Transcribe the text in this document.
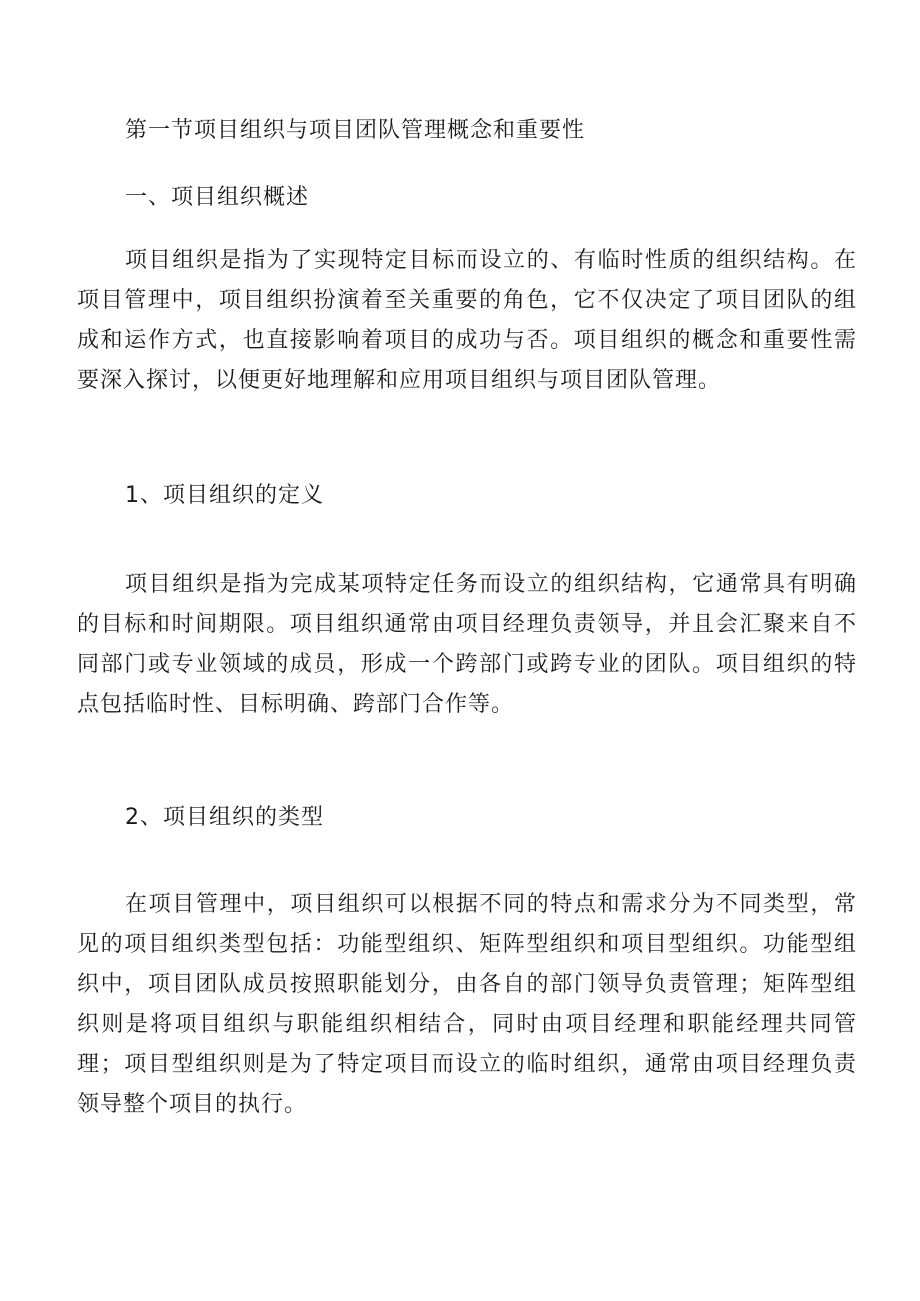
第一节项目组织与项目团队管理概念和重要性
一、项目组织概述
项目组织是指为了实现特定目标而设立的、有临时性质的组织结构。在项目管理中，项目组织扮演着至关重要的角色，它不仅决定了项目团队的组成和运作方式，也直接影响着项目的成功与否。项目组织的概念和重要性需要深入探讨，以便更好地理解和应用项目组织与项目团队管理。
1、项目组织的定义
项目组织是指为完成某项特定任务而设立的组织结构，它通常具有明确的目标和时间期限。项目组织通常由项目经理负责领导，并且会汇聚来自不同部门或专业领域的成员，形成一个跨部门或跨专业的团队。项目组织的特点包括临时性、目标明确、跨部门合作等。
2、项目组织的类型
在项目管理中，项目组织可以根据不同的特点和需求分为不同类型，常见的项目组织类型包括：功能型组织、矩阵型组织和项目型组织。功能型组织中，项目团队成员按照职能划分，由各自的部门领导负责管理；矩阵型组织则是将项目组织与职能组织相结合，同时由项目经理和职能经理共同管理；项目型组织则是为了特定项目而设立的临时组织，通常由项目经理负责领导整个项目的执行。
